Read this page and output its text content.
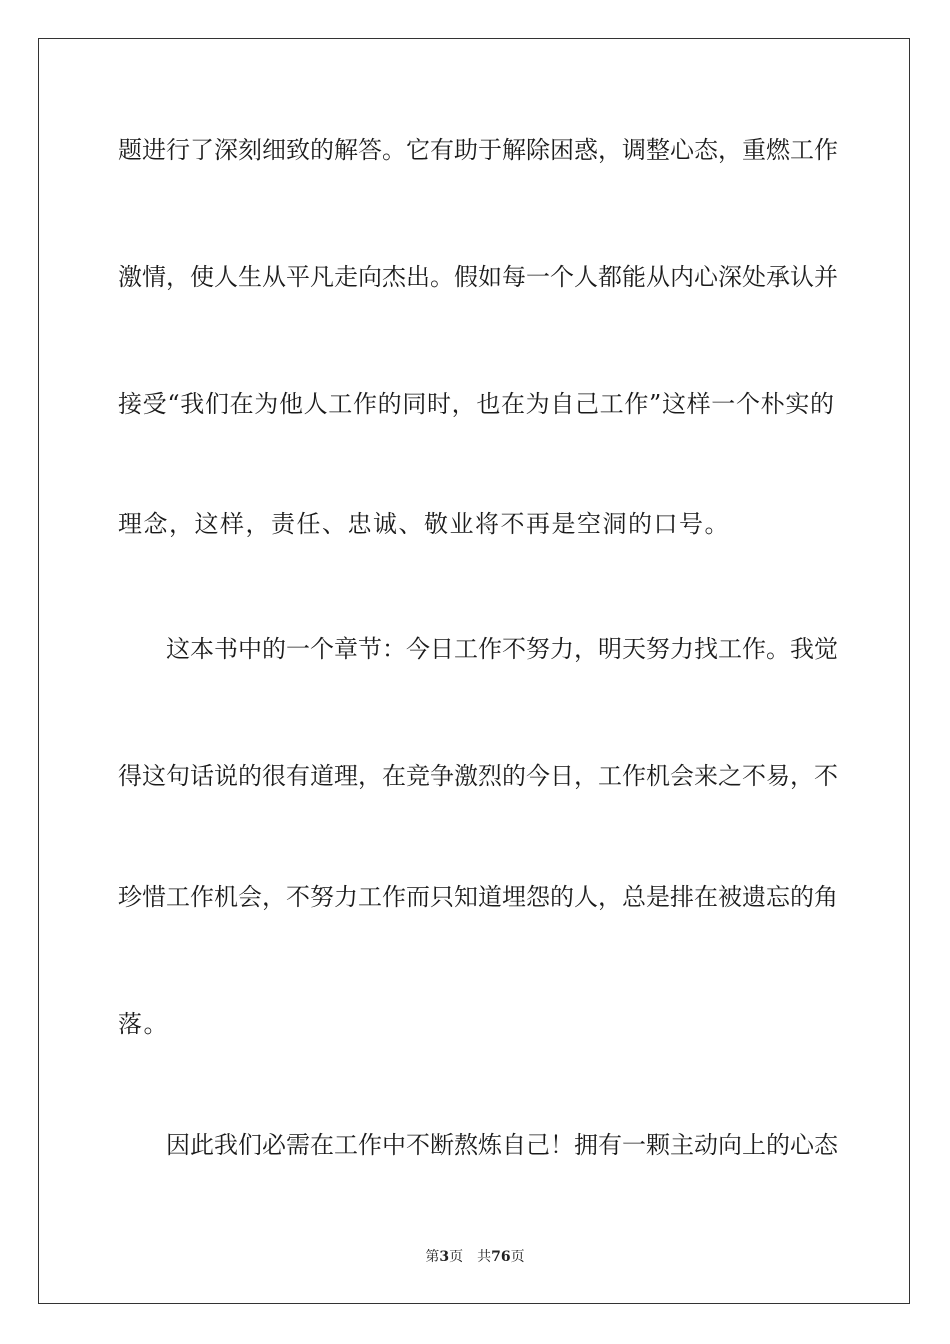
题进行了深刻细致的解答。它有助于解除困惑，调整心态，重燃工作
激情，使人生从平凡走向杰出。假如每一个人都能从内心深处承认并
接受“我们在为他人工作的同时，也在为自己工作”这样一个朴实的
理念，这样，责任、忠诚、敬业将不再是空洞的口号。
这本书中的一个章节：今日工作不努力，明天努力找工作。我觉
得这句话说的很有道理，在竞争激烈的今日，工作机会来之不易，不
珍惜工作机会，不努力工作而只知道埋怨的人，总是排在被遗忘的角
落。
因此我们必需在工作中不断熬炼自己！拥有一颗主动向上的心态
第3页 共76页
